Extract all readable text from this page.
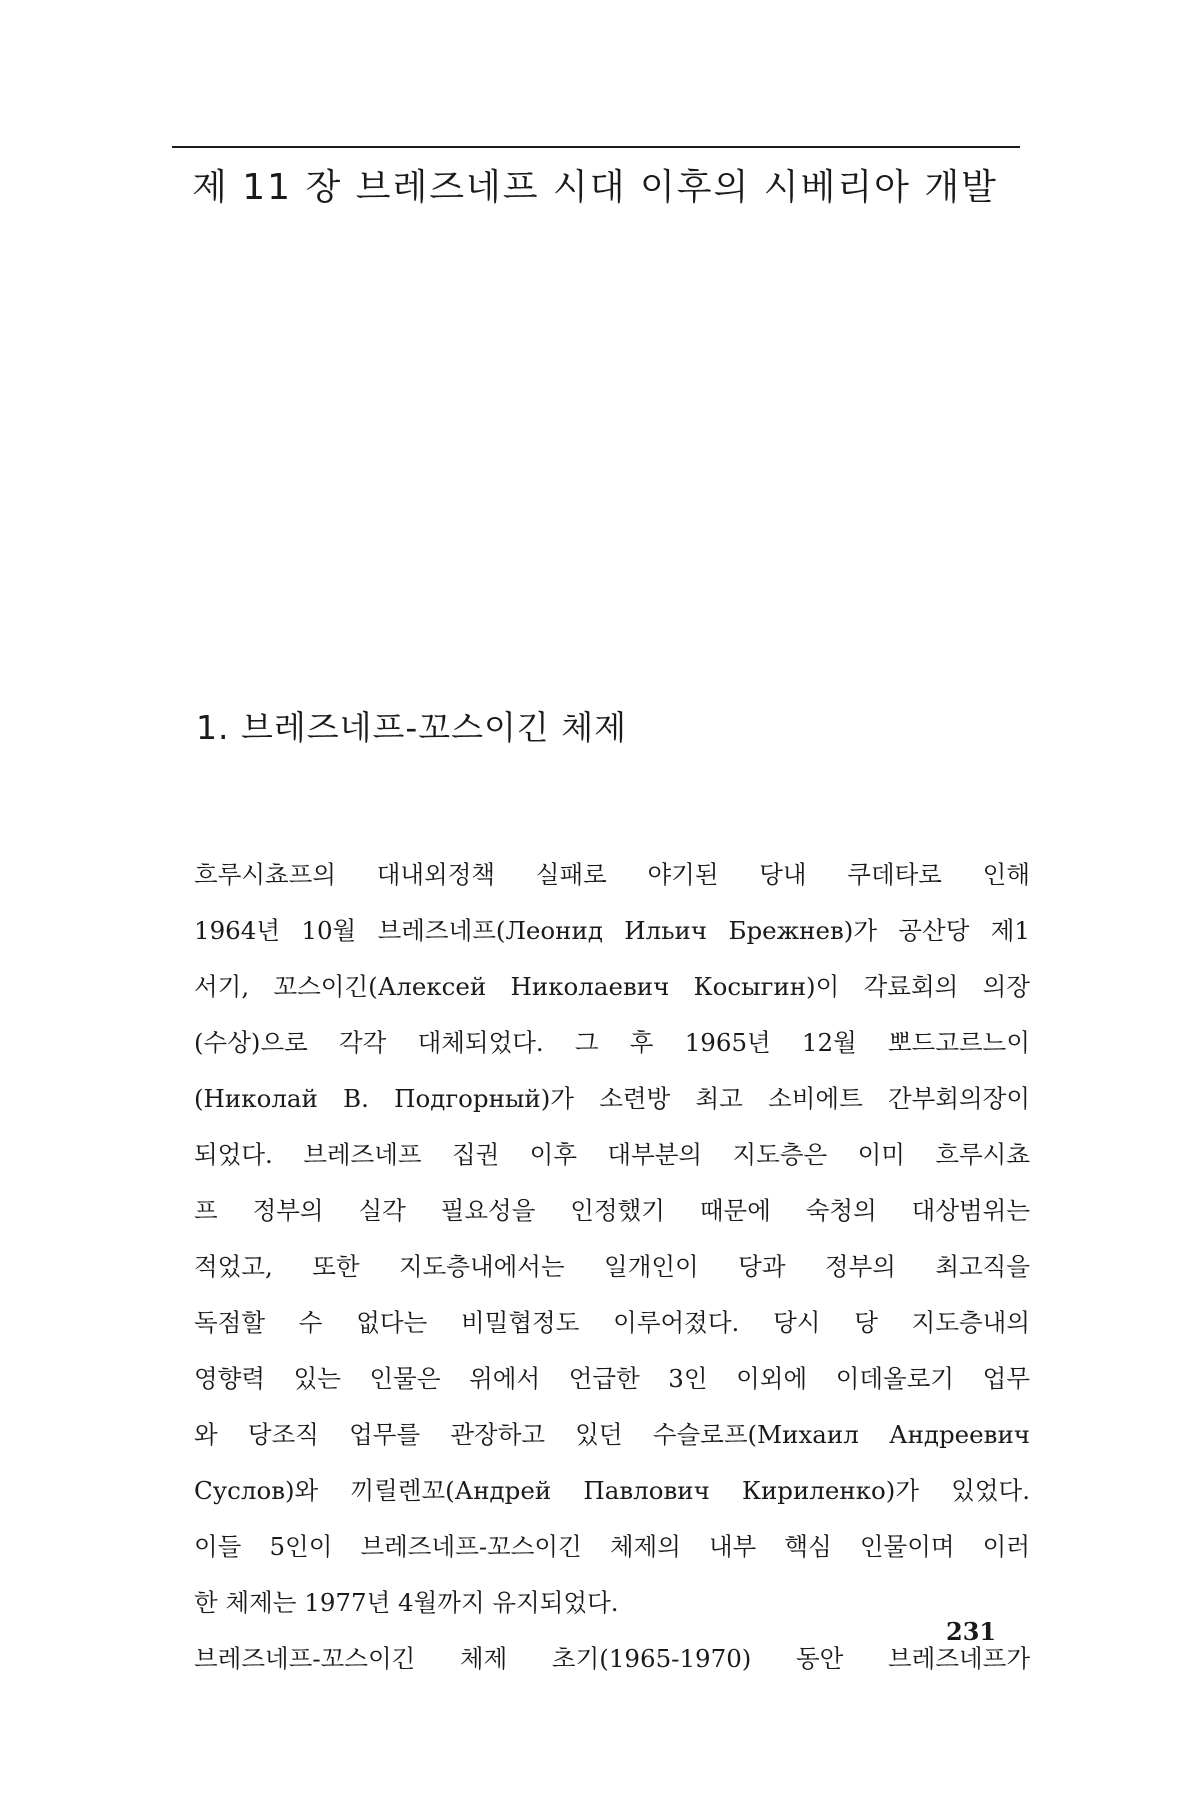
제 11 장 브레즈네프 시대 이후의 시베리아 개발
1. 브레즈네프-꼬스이긴 체제
흐루시쵸프의 대내외정책 실패로 야기된 당내 쿠데타로 인해
1964년 10월 브레즈네프(Леонид Ильич Брежнев)가 공산당 제1
서기, 꼬스이긴(Алексей Николаевич Косыгин)이 각료회의 의장
(수상)으로 각각 대체되었다. 그 후 1965년 12월 뽀드고르느이
(Николай В. Подгорный)가 소련방 최고 소비에트 간부회의장이
되었다. 브레즈네프 집권 이후 대부분의 지도층은 이미 흐루시쵸
프 정부의 실각 필요성을 인정했기 때문에 숙청의 대상범위는
적었고, 또한 지도층내에서는 일개인이 당과 정부의 최고직을
독점할 수 없다는 비밀협정도 이루어졌다. 당시 당 지도층내의
영향력 있는 인물은 위에서 언급한 3인 이외에 이데올로기 업무
와 당조직 업무를 관장하고 있던 수슬로프(Михаил Андреевич
Суслов)와 끼릴렌꼬(Андрей Павлович Кириленко)가 있었다.
이들 5인이 브레즈네프-꼬스이긴 체제의 내부 핵심 인물이며 이러
한 체제는 1977년 4월까지 유지되었다.
브레즈네프-꼬스이긴 체제 초기(1965-1970) 동안 브레즈네프가
231
